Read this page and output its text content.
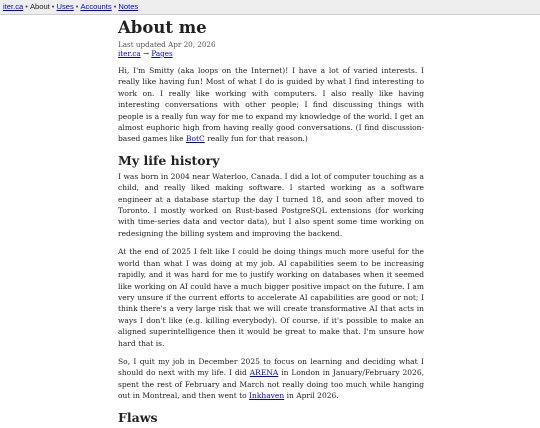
iter.ca • About • Uses • Accounts • Notes
About me
Last updated Apr 20, 2026
iter.ca → Pages

Hi, I'm Smitty (aka loops on the Internet)! I have a lot of varied interests. I really like having fun! Most of what I do is guided by what I find interesting to work on. I really like working with computers. I also really like having interesting conversations with other people; I find discussing things with people is a really fun way for me to expand my knowledge of the world. I get an almost euphoric high from having really good conversations. (I find discussion-based games like BotC really fun for that reason.)

My life history

I was born in 2004 near Waterloo, Canada. I did a lot of computer touching as a child, and really liked making software. I started working as a software engineer at a database startup the day I turned 18, and soon after moved to Toronto. I mostly worked on Rust-based PostgreSQL extensions (for working with time-series data and vector data), but I also spent some time working on redesigning the billing system and improving the backend.

At the end of 2025 I felt like I could be doing things much more useful for the world than what I was doing at my job. AI capabilities seem to be increasing rapidly, and it was hard for me to justify working on databases when it seemed like working on AI could have a much bigger positive impact on the future. I am very unsure if the current efforts to accelerate AI capabilities are good or not; I think there's a very large risk that we will create transformative AI that acts in ways I don't like (e.g. killing everybody). Of course, if it's possible to make an aligned superintelligence then it would be great to make that. I'm unsure how hard that is.

So, I quit my job in December 2025 to focus on learning and deciding what I should do next with my life. I did ARENA in London in January/February 2026, spent the rest of February and March not really doing too much while hanging out in Montreal, and then went to Inkhaven in April 2026.

Flaws
